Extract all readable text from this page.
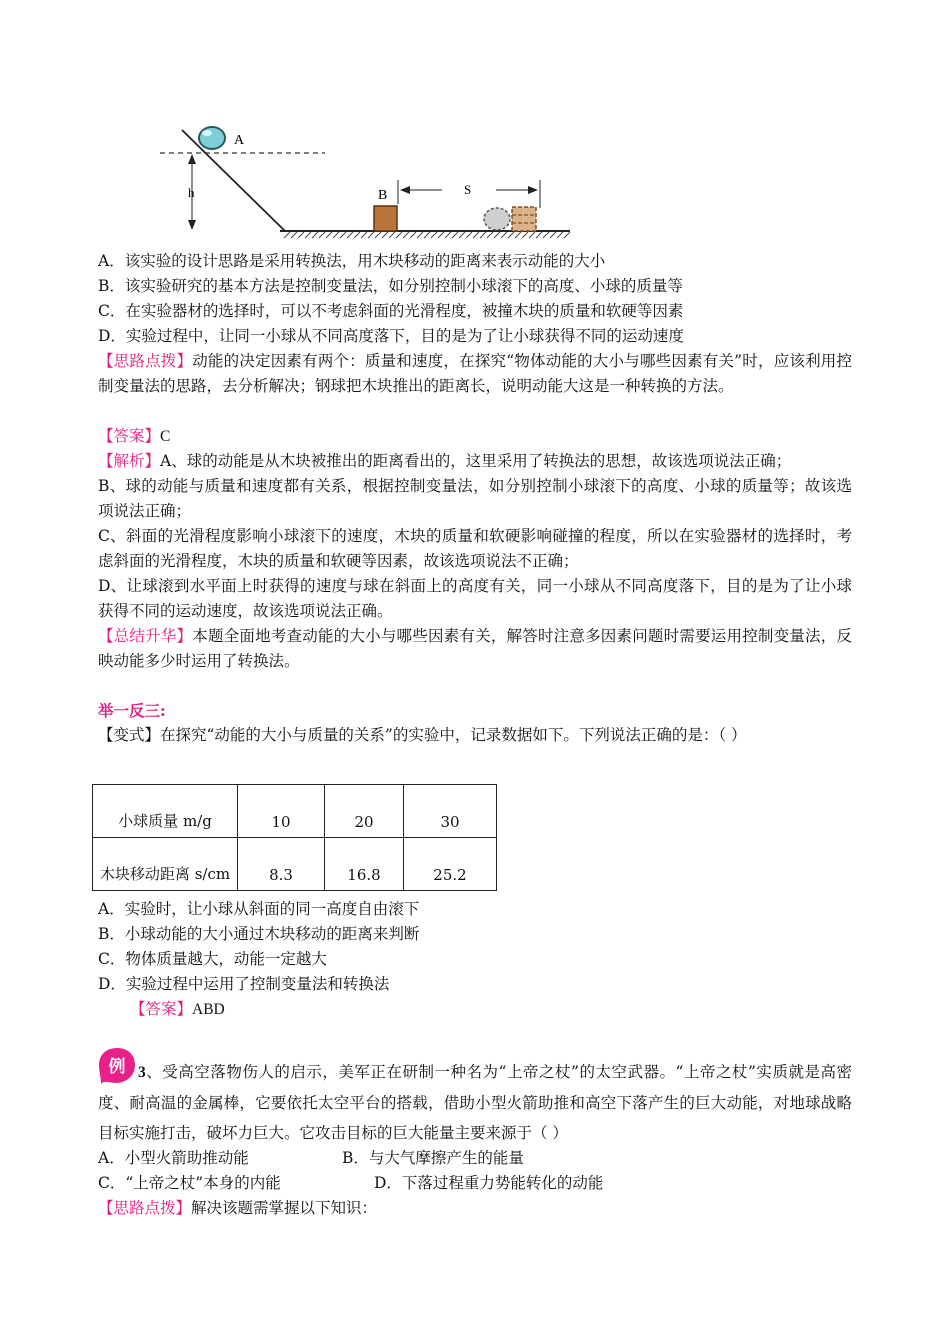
h
A
B	S
A．该实验的设计思路是采用转换法，用木块移动的距离来表示动能的大小
B．该实验研究的基本方法是控制变量法，如分别控制小球滚下的高度、小球的质量等
C．在实验器材的选择时，可以不考虑斜面的光滑程度，被撞木块的质量和软硬等因素
D．实验过程中，让同一小球从不同高度落下，目的是为了让小球获得不同的运动速度
【思路点拨】动能的决定因素有两个：质量和速度，在探究“物体动能的大小与哪些因素有关”时，应该利用控制变量法的思路，去分析解决；钢球把木块推出的距离长，说明动能大这是一种转换的方法。
【答案】C
【解析】A、球的动能是从木块被推出的距离看出的，这里采用了转换法的思想，故该选项说法正确；
B、球的动能与质量和速度都有关系，根据控制变量法，如分别控制小球滚下的高度、小球的质量等；故该选项说法正确；
C、斜面的光滑程度影响小球滚下的速度，木块的质量和软硬影响碰撞的程度，所以在实验器材的选择时，考虑斜面的光滑程度，木块的质量和软硬等因素，故该选项说法不正确；
D、让球滚到水平面上时获得的速度与球在斜面上的高度有关，同一小球从不同高度落下，目的是为了让小球获得不同的运动速度，故该选项说法正确。
【总结升华】本题全面地考查动能的大小与哪些因素有关，解答时注意多因素问题时需要运用控制变量法，反映动能多少时运用了转换法。
举一反三:
【变式】在探究“动能的大小与质量的关系”的实验中，记录数据如下。下列说法正确的是：（ ）
小球质量 m/g	10	20	30
木块移动距离 s/cm	8.3	16.8	25.2
A．实验时，让小球从斜面的同一高度自由滚下
B．小球动能的大小通过木块移动的距离来判断
C．物体质量越大，动能一定越大
D．实验过程中运用了控制变量法和转换法
【答案】ABD
例 3、受高空落物伤人的启示，美军正在研制一种名为“上帝之杖”的太空武器。“上帝之杖”实质就是高密度、耐高温的金属棒，它要依托太空平台的搭载，借助小型火箭助推和高空下落产生的巨大动能，对地球战略目标实施打击，破坏力巨大。它攻击目标的巨大能量主要来源于（ ）
A．小型火箭助推动能	B．与大气摩擦产生的能量
C．“上帝之杖”本身的内能	D．下落过程重力势能转化的动能
【思路点拨】解决该题需掌握以下知识：
